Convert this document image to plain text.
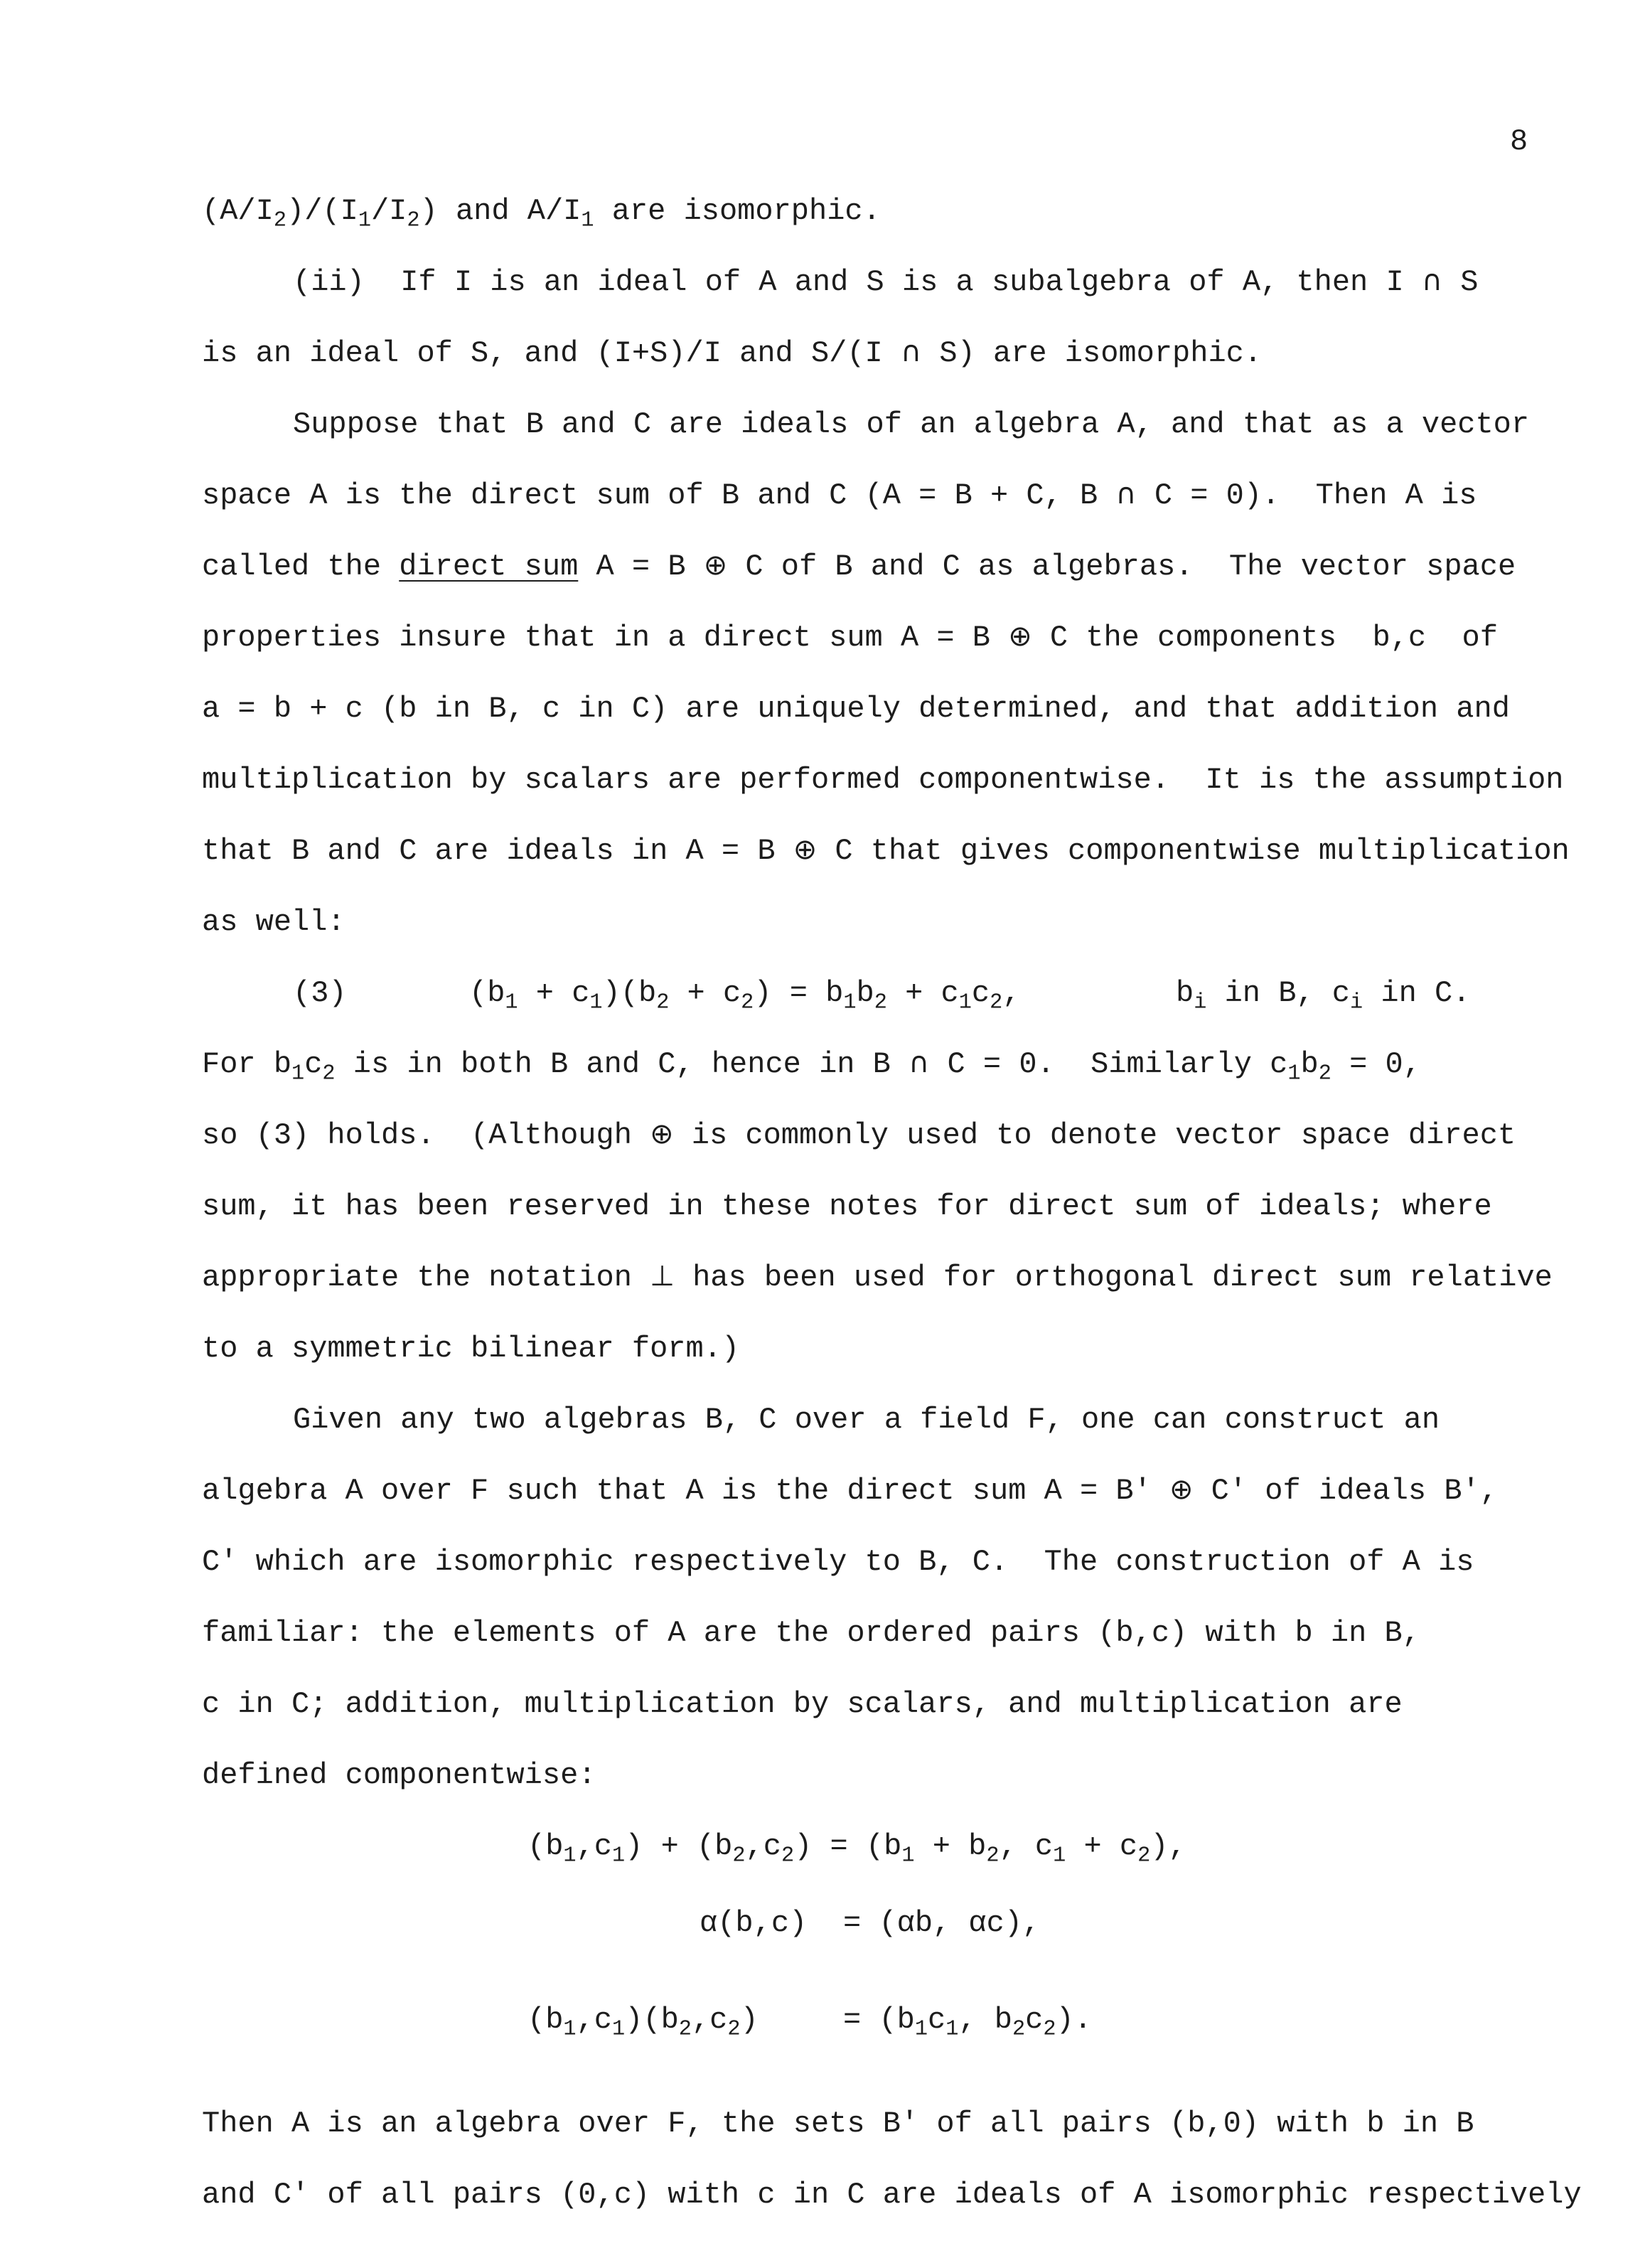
8
$(A/I_2)/(I_1/I_2)$ and $A/I_1$ are isomorphic.
(ii)  If I is an ideal of A and S is a subalgebra of A, then I ∩ S
is an ideal of S, and (I+S)/I and S/(I ∩ S) are isomorphic.
Suppose that B and C are ideals of an algebra A, and that as a vector
space A is the direct sum of B and C (A = B + C, B ∩ C = 0).  Then A is
called the direct sum A = B ⊕ C of B and C as algebras.  The vector space
properties insure that in a direct sum A = B ⊕ C the components  b,c  of
a = b + c (b in B, c in C) are uniquely determined, and that addition and
multiplication by scalars are performed componentwise.  It is the assumption
that B and C are ideals in A = B ⊕ C that gives componentwise multiplication
as well:
(3)	$(b_1 + c_1)(b_2 + c_2) = b_1b_2 + c_1c_2$,	$b_i$ in B, $c_i$ in C.
For $b_1c_2$ is in both B and C, hence in B ∩ C = 0.  Similarly $c_1b_2 = 0$,
so (3) holds.  (Although ⊕ is commonly used to denote vector space direct
sum, it has been reserved in these notes for direct sum of ideals; where
appropriate the notation ⊥ has been used for orthogonal direct sum relative
to a symmetric bilinear form.)
Given any two algebras B, C over a field F, one can construct an
algebra A over F such that A is the direct sum A = B' ⊕ C' of ideals B',
C' which are isomorphic respectively to B, C.  The construction of A is
familiar: the elements of A are the ordered pairs (b,c) with b in B,
c in C; addition, multiplication by scalars, and multiplication are
defined componentwise:
$(b_1,c_1) + (b_2,c_2) = (b_1 + b_2$, $c_1 + c_2$),
α(b,c) = (αb, αc),
$(b_1,c_1)(b_2,c_2)$	= ($b_1c_1$, $b_2c_2$).
Then A is an algebra over F, the sets B' of all pairs (b,0) with b in B
and C' of all pairs (0,c) with c in C are ideals of A isomorphic respectively
